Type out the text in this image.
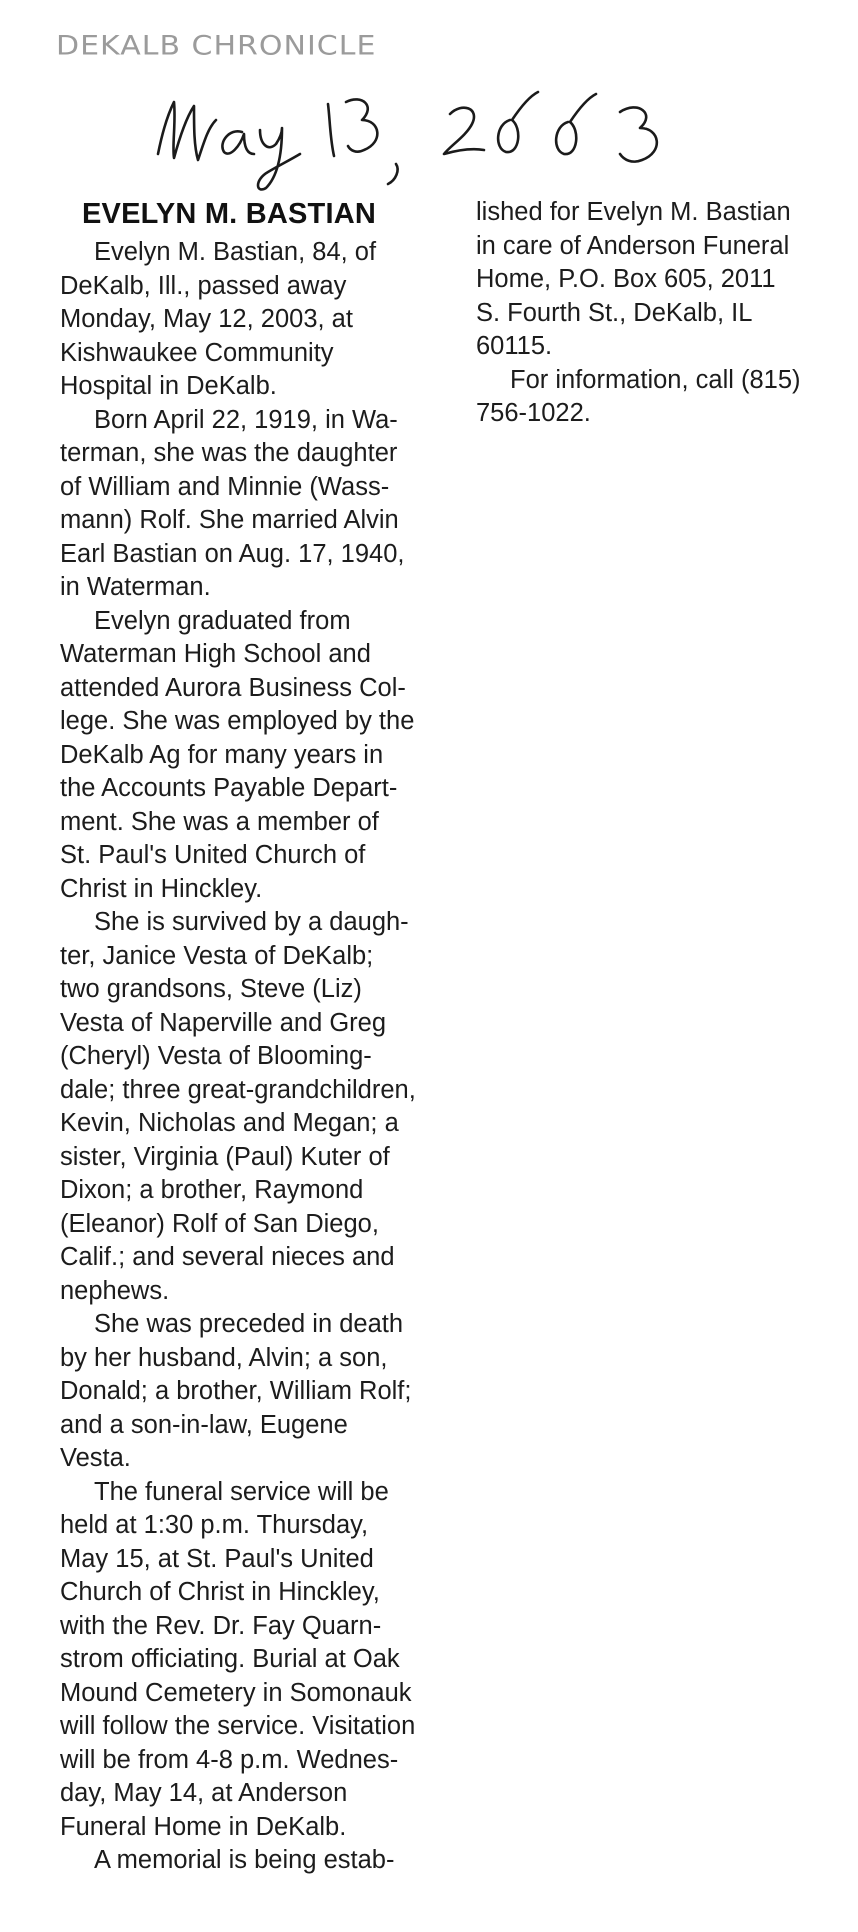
DEKALB CHRONICLE
EVELYN M. BASTIAN
Evelyn M. Bastian, 84, of
DeKalb, Ill., passed away
Monday, May 12, 2003, at
Kishwaukee Community
Hospital in DeKalb.
Born April 22, 1919, in Wa-
terman, she was the daughter
of William and Minnie (Wass-
mann) Rolf. She married Alvin
Earl Bastian on Aug. 17, 1940,
in Waterman.
Evelyn graduated from
Waterman High School and
attended Aurora Business Col-
lege. She was employed by the
DeKalb Ag for many years in
the Accounts Payable Depart-
ment. She was a member of
St. Paul's United Church of
Christ in Hinckley.
She is survived by a daugh-
ter, Janice Vesta of DeKalb;
two grandsons, Steve (Liz)
Vesta of Naperville and Greg
(Cheryl) Vesta of Blooming-
dale; three great-grandchildren,
Kevin, Nicholas and Megan; a
sister, Virginia (Paul) Kuter of
Dixon; a brother, Raymond
(Eleanor) Rolf of San Diego,
Calif.; and several nieces and
nephews.
She was preceded in death
by her husband, Alvin; a son,
Donald; a brother, William Rolf;
and a son-in-law, Eugene
Vesta.
The funeral service will be
held at 1:30 p.m. Thursday,
May 15, at St. Paul's United
Church of Christ in Hinckley,
with the Rev. Dr. Fay Quarn-
strom officiating. Burial at Oak
Mound Cemetery in Somonauk
will follow the service. Visitation
will be from 4-8 p.m. Wednes-
day, May 14, at Anderson
Funeral Home in DeKalb.
A memorial is being estab-
lished for Evelyn M. Bastian
in care of Anderson Funeral
Home, P.O. Box 605, 2011
S. Fourth St., DeKalb, IL
60115.
For information, call (815)
756-1022.
